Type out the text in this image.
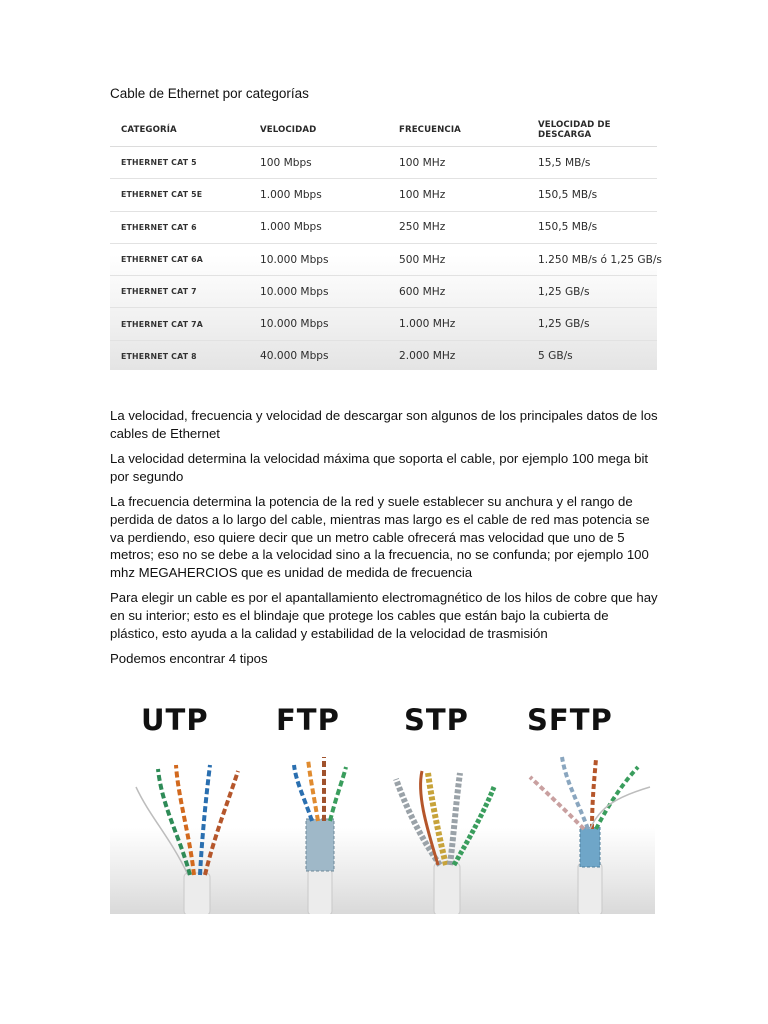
Cable de Ethernet por categorías
CATEGORÍA	VELOCIDAD	FRECUENCIA	VELOCIDAD DE DESCARGA
ETHERNET CAT 5	100 Mbps	100 MHz	15,5 MB/s
ETHERNET CAT 5E	1.000 Mbps	100 MHz	150,5 MB/s
ETHERNET CAT 6	1.000 Mbps	250 MHz	150,5 MB/s
ETHERNET CAT 6A	10.000 Mbps	500 MHz	1.250 MB/s ó 1,25 GB/s
ETHERNET CAT 7	10.000 Mbps	600 MHz	1,25 GB/s
ETHERNET CAT 7A	10.000 Mbps	1.000 MHz	1,25 GB/s
ETHERNET CAT 8	40.000 Mbps	2.000 MHz	5 GB/s

La velocidad, frecuencia y velocidad de descargar son algunos de los principales datos de los cables de Ethernet

La velocidad determina la velocidad máxima que soporta el cable, por ejemplo 100 mega bit por segundo

La frecuencia determina la potencia de la red y suele establecer su anchura y el rango de perdida de datos a lo largo del cable, mientras mas largo es el cable de red mas potencia se va perdiendo, eso quiere decir que un metro cable ofrecerá mas velocidad que uno de 5 metros; eso no se debe a la velocidad sino a la frecuencia, no se confunda; por ejemplo 100 mhz MEGAHERCIOS que es unidad de medida de frecuencia

Para elegir un cable es por el apantallamiento electromagnético de los hilos de cobre que hay en su interior; esto es el blindaje que protege los cables que están bajo la cubierta de plástico, esto ayuda a la calidad y estabilidad de la velocidad de trasmisión

Podemos encontrar 4 tipos

UTP FTP STP SFTP
